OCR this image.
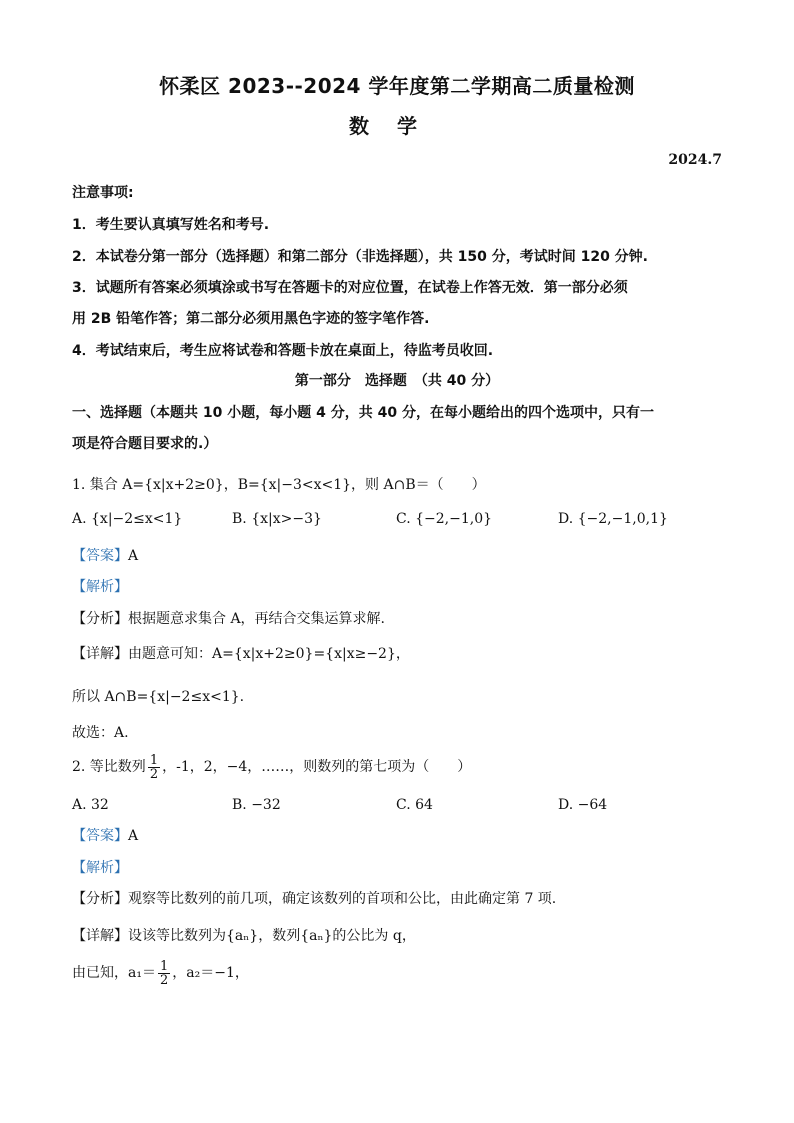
怀柔区 2023--2024 学年度第二学期高二质量检测
数学
2024.7
注意事项:
1．考生要认真填写姓名和考号.
2．本试卷分第一部分（选择题）和第二部分（非选择题），共 150 分，考试时间 120 分钟.
3．试题所有答案必须填涂或书写在答题卡的对应位置，在试卷上作答无效．第一部分必须
用 2B 铅笔作答；第二部分必须用黑色字迹的签字笔作答.
4．考试结束后，考生应将试卷和答题卡放在桌面上，待监考员收回.
第一部分　选择题　（共 40 分）
一、选择题（本题共 10 小题，每小题 4 分，共 40 分，在每小题给出的四个选项中，只有一
项是符合题目要求的.）
1. 集合 A={x|x+2≥0}，B={x|−3<x<1}，则 A∩B＝（　　）
A. {x|−2≤x<1}	B. {x|x>−3}	C. {−2,−1,0}	D. {−2,−1,0,1}
【答案】A
【解析】
【分析】根据题意求集合 A，再结合交集运算求解.
【详解】由题意可知：A={x|x+2≥0}={x|x≥−2}，
所以 A∩B={x|−2≤x<1}.
故选：A.
2. 等比数列 $\frac{1}{2}$ ，-1，2，−4，……，则数列的第七项为（　　）
A. 32	B. −32	C. 64	D. −64
【答案】A
【解析】
【分析】观察等比数列的前几项，确定该数列的首项和公比，由此确定第 7 项.
【详解】设该等比数列为{aₙ}，数列{aₙ}的公比为 q，
由已知，$a_1= \frac{1}{2}$ ，a₂＝−1，
